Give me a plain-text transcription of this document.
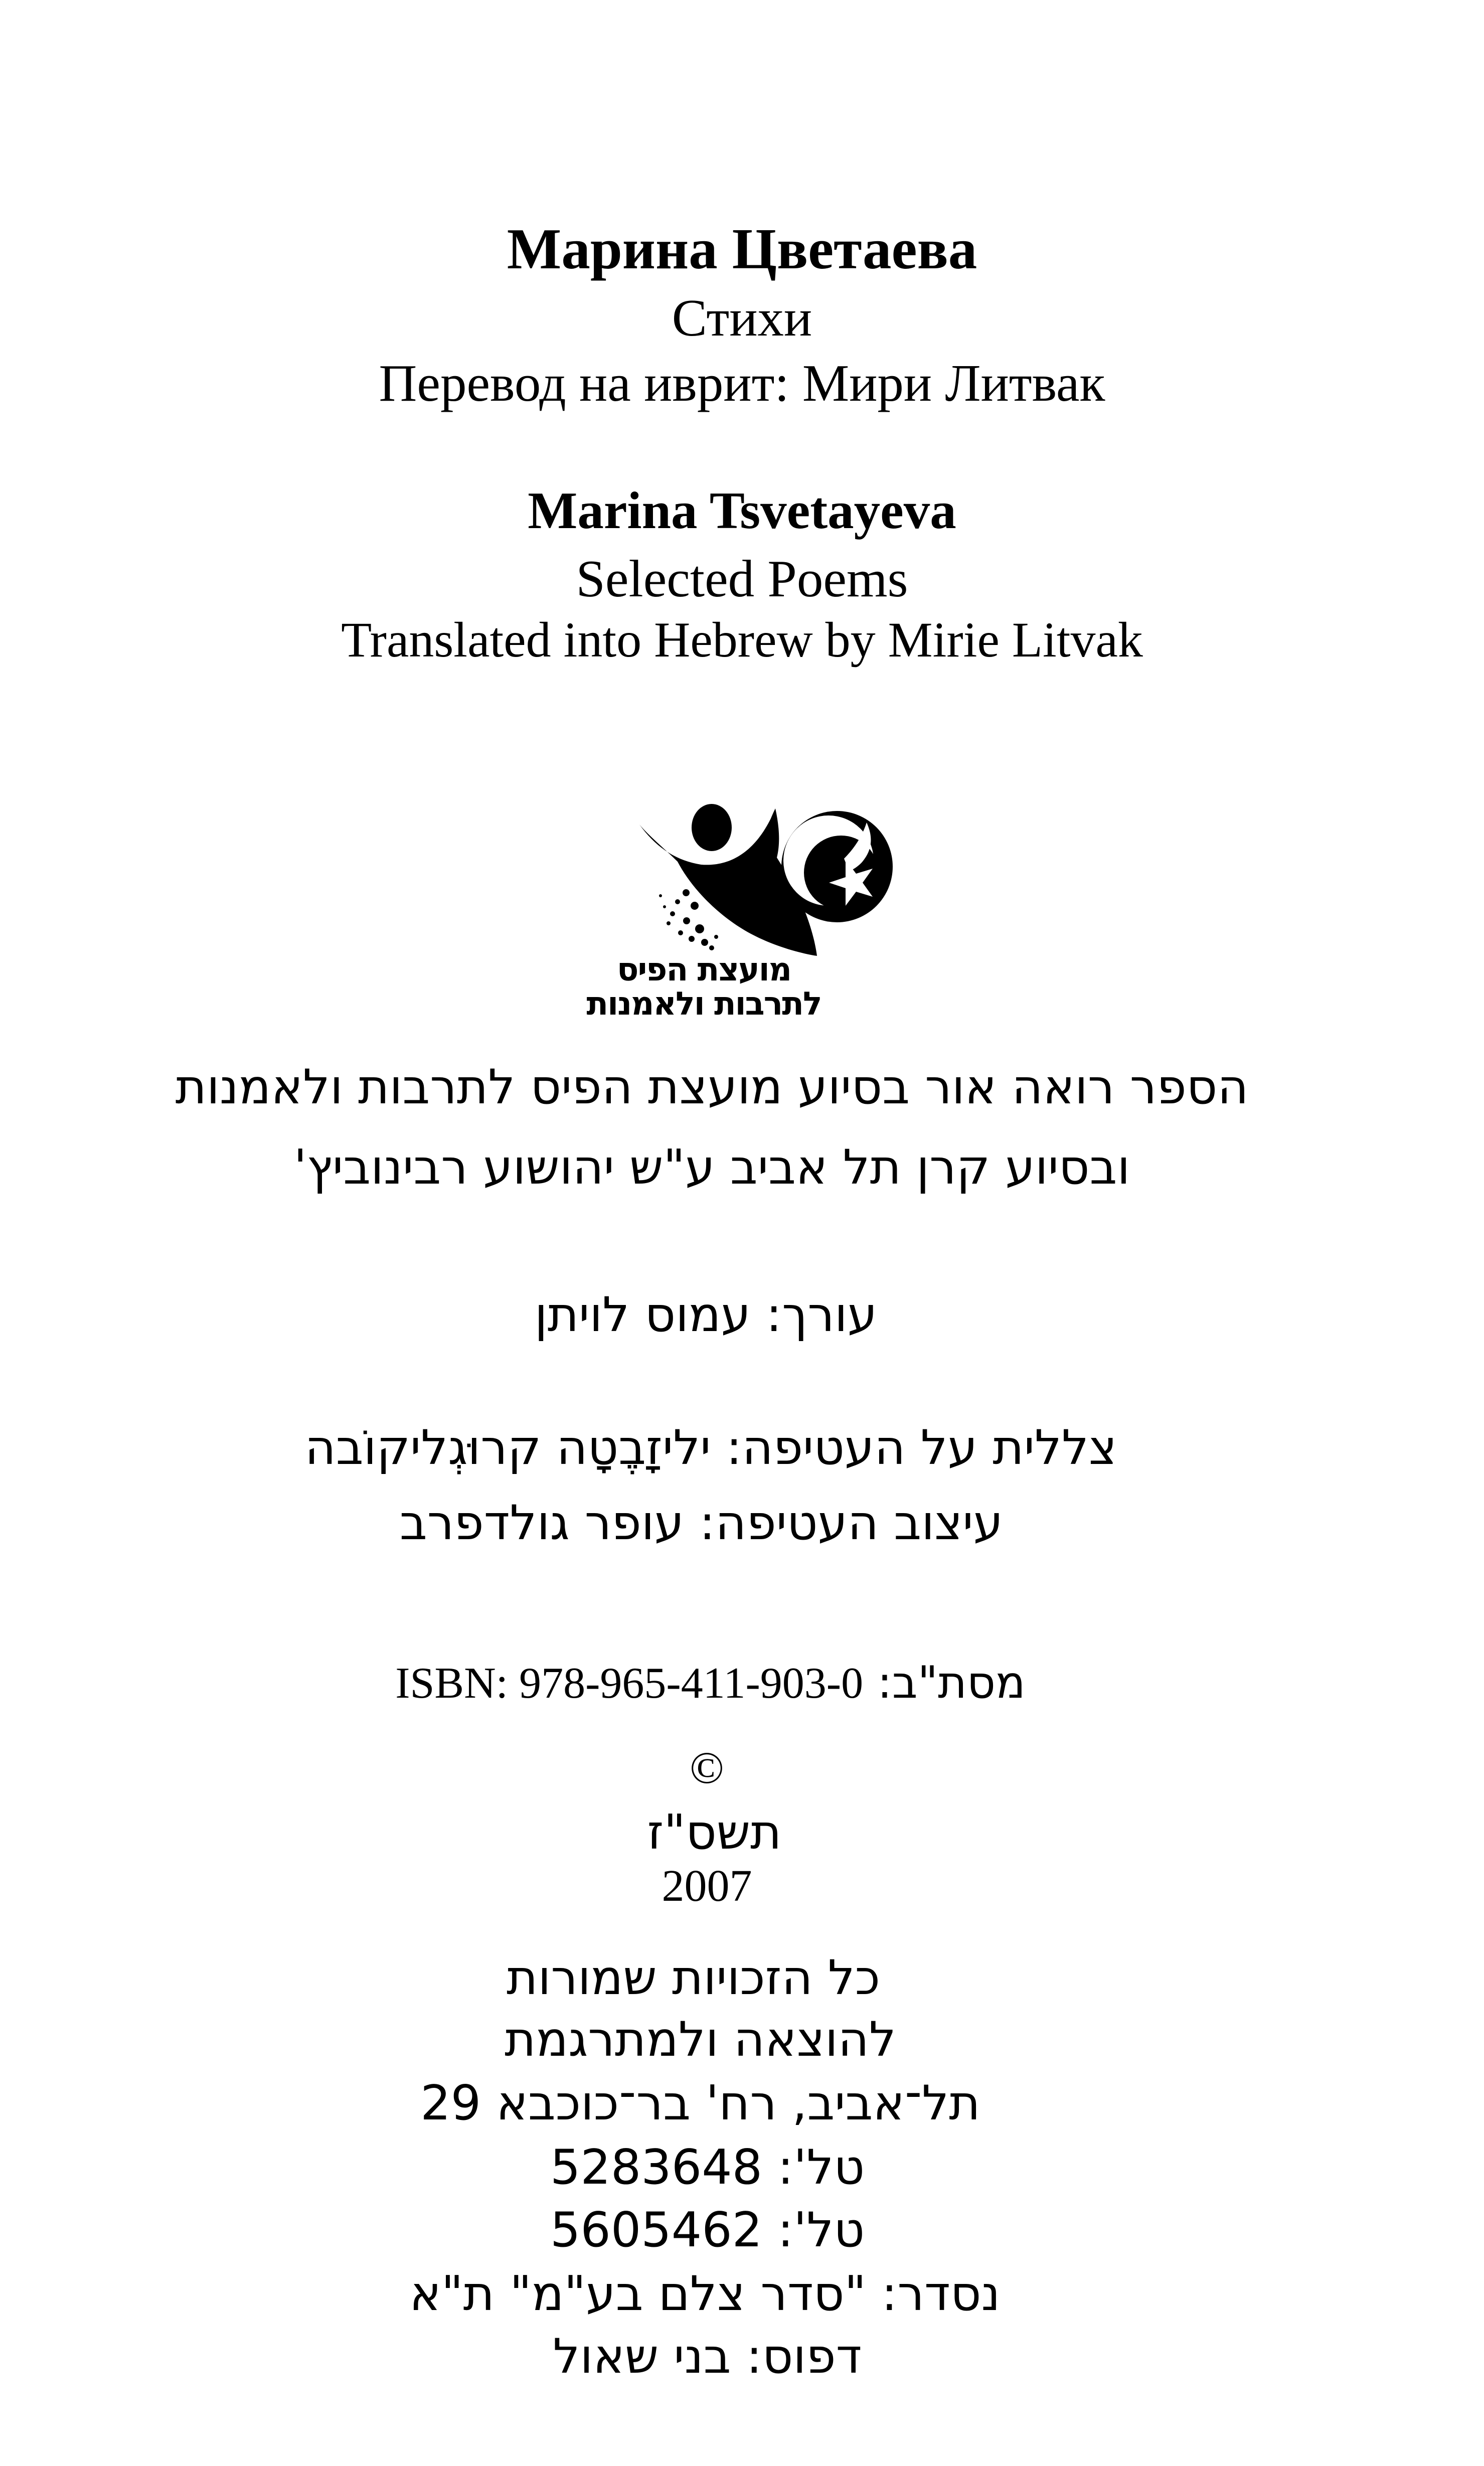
Марина Цветаева
Стихи
Перевод на иврит: Мири Литвак
Marina Tsvetayeva
Selected Poems
Translated into Hebrew by Mirie Litvak
מועצת הפיס
לתרבות ולאמנות
הספר רואה אור בסיוע מועצת הפיס לתרבות ולאמנות
ובסיוע קרן תל אביב ע"ש יהושוע רבינוביץ'
עורך: עמוס לויתן
צללית על העטיפה: יליזָבֶטָה קרוּגְליקוֹבה
עיצוב העטיפה: עופר גולדפרב
מסת"ב: ISBN: 978-965-411-903-0
©
תשס"ז
2007
כל הזכויות שמורות
להוצאה ולמתרגמת
תל־אביב, רח' בר־כוכבא 29
טל': 5283648
טל': 5605462
נסדר: "סדר צלם בע"מ" ת"א
דפוס: בני שאול
